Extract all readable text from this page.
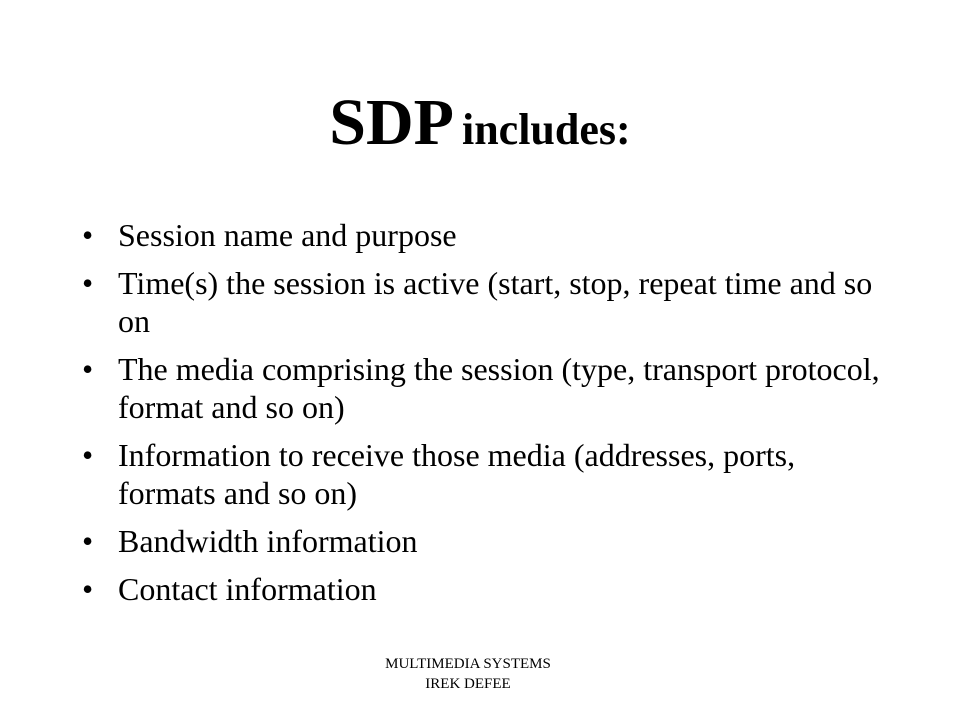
SDP includes:
• Session name and purpose
• Time(s) the session is active (start, stop, repeat time and so on
• The media comprising the session (type, transport protocol, format and so on)
• Information to receive those media (addresses, ports, formats and so on)
• Bandwidth information
• Contact information
MULTIMEDIA SYSTEMS
IREK DEFEE
